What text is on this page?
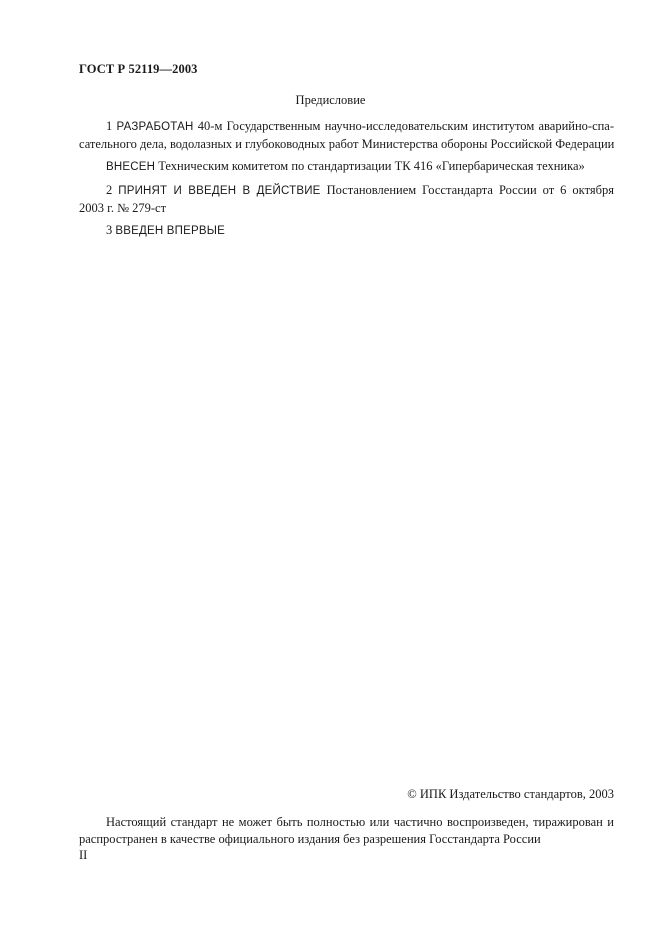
ГОСТ Р 52119—2003
Предисловие
1 РАЗРАБОТАН 40-м Государственным научно-исследовательским институтом аварийно-спа-
сательного дела, водолазных и глубоководных работ Министерства обороны Российской Федерации
ВНЕСЕН Техническим комитетом по стандартизации ТК 416 «Гипербарическая техника»
2 ПРИНЯТ И ВВЕДЕН В ДЕЙСТВИЕ Постановлением Госстандарта России от 6 октября
2003 г. № 279-ст
3 ВВЕДЕН ВПЕРВЫЕ
© ИПК Издательство стандартов, 2003
Настоящий стандарт не может быть полностью или частично воспроизведен, тиражирован и
распространен в качестве официального издания без разрешения Госстандарта России
II
